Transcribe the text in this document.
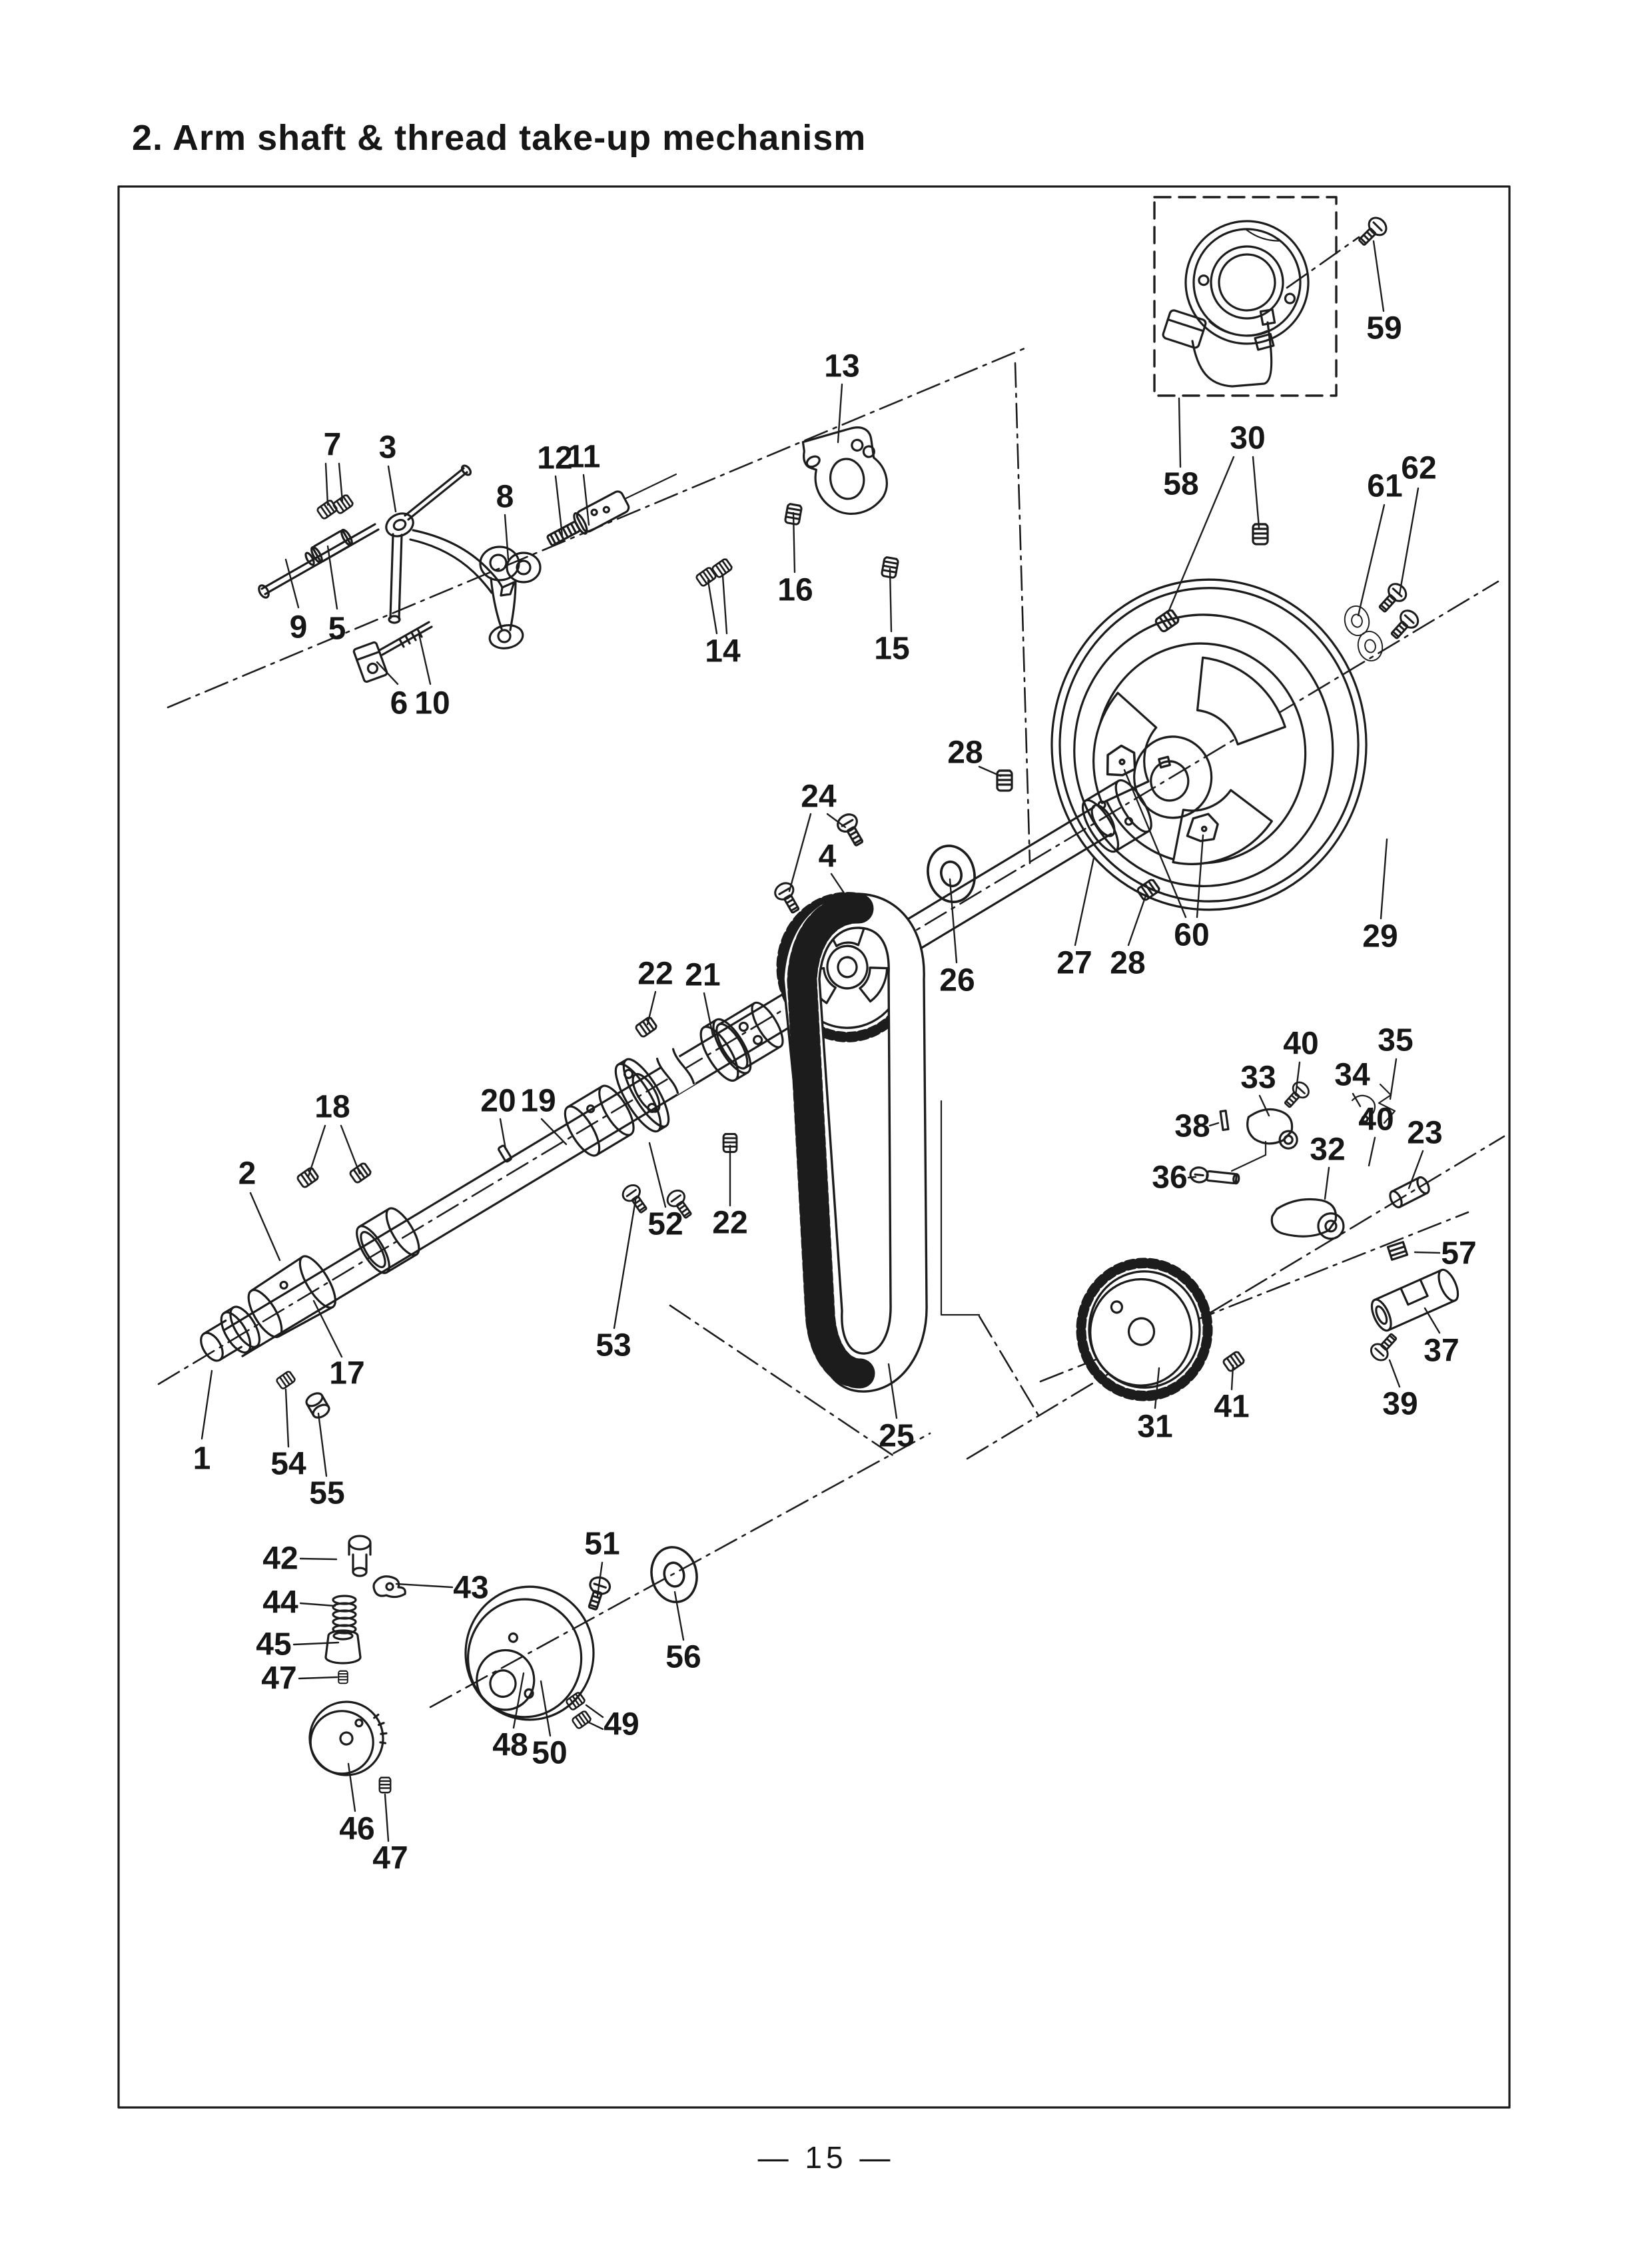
2. Arm shaft & thread take-up mechanism
1
2
3
4
5
6
7
8
9
10
11
12
13
14	15
16
17
18	19
20
21
22
22
23
24
25
26	27
28
28
29
30
31
32
33 34
35
36
37
38
39
40
40
41
42
43
44
45
46
47
47
48
49
50
51
52
53
54
55
56
57
58
59
60
61
62
— 15 —
